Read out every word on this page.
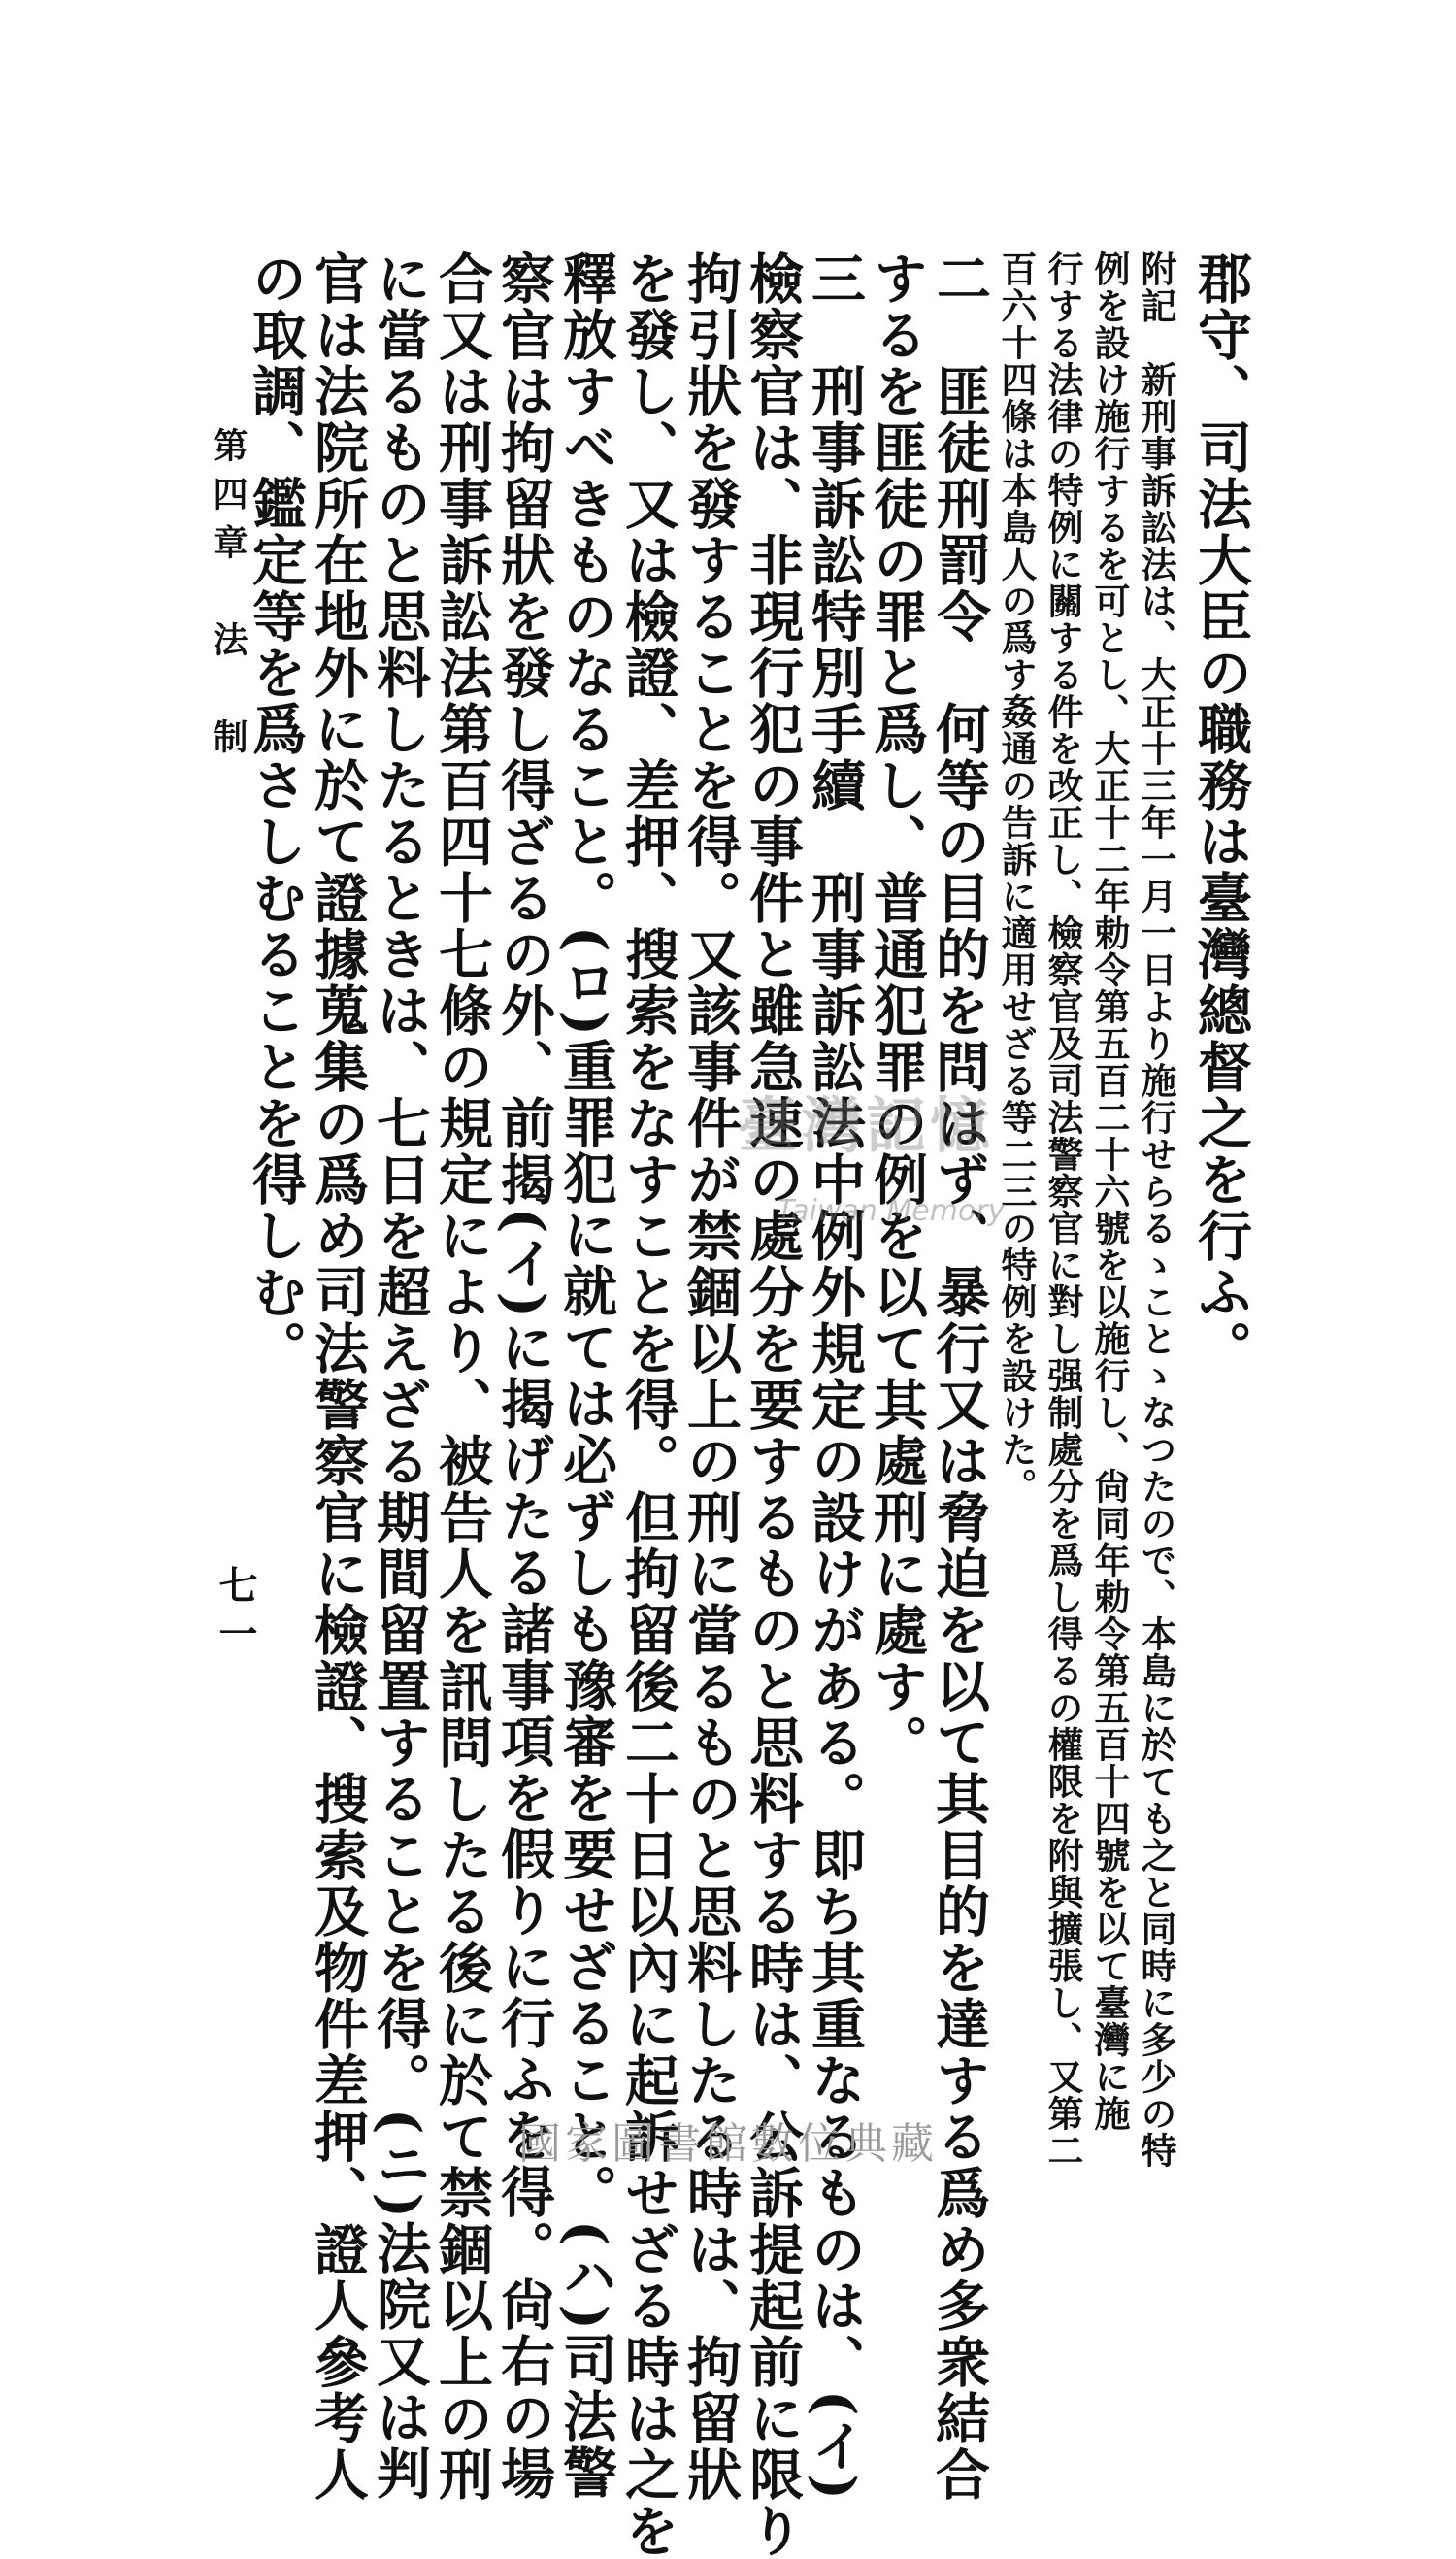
郡守、司法大臣の職務は臺灣總督之を行ふ。
附記　新刑事訴訟法は、大正十三年一月一日より施行せらるゝことゝなつたので、本島に於ても之と同時に多少の特
例を設け施行するを可とし、大正十二年勅令第五百二十六號を以施行し、尙同年勅令第五百十四號を以て臺灣に施
行する法律の特例に關する件を改正し、檢察官及司法警察官に對し强制處分を爲し得るの權限を附與擴張し、又第二
百六十四條は本島人の爲す姦通の告訴に適用せざる等二三の特例を設けた。
二　匪徒刑罰令　何等の目的を問はず、暴行又は脅迫を以て其目的を達する爲め多衆結合
するを匪徒の罪と爲し、普通犯罪の例を以て其處刑に處す。
三　刑事訴訟特別手續　刑事訴訟法中例外規定の設けがある。即ち其重なるものは、(イ)
檢察官は、非現行犯の事件と雖急速の處分を要するものと思料する時は、公訴提起前に限り
拘引狀を發することを得。又該事件が禁錮以上の刑に當るものと思料したる時は、拘留狀
を發し、又は檢證、差押、搜索をなすことを得。但拘留後二十日以內に起訴せざる時は之を
釋放すべきものなること。(ロ)重罪犯に就ては必ずしも豫審を要せざること。(ハ)司法警
察官は拘留狀を發し得ざるの外、前揭(イ)に揭げたる諸事項を假りに行ふを得。尙右の場
合又は刑事訴訟法第百四十七條の規定により、被告人を訊問したる後に於て禁錮以上の刑
に當るものと思料したるときは、七日を超えざる期間留置することを得。(ニ)法院又は判
官は法院所在地外に於て證據蒐集の爲め司法警察官に檢證、搜索及物件差押、證人參考人
の取調、鑑定等を爲さしむることを得しむ。
第四章　法　制
七一
臺灣記憶
Taiwan Memory
國家圖書館數位典藏
